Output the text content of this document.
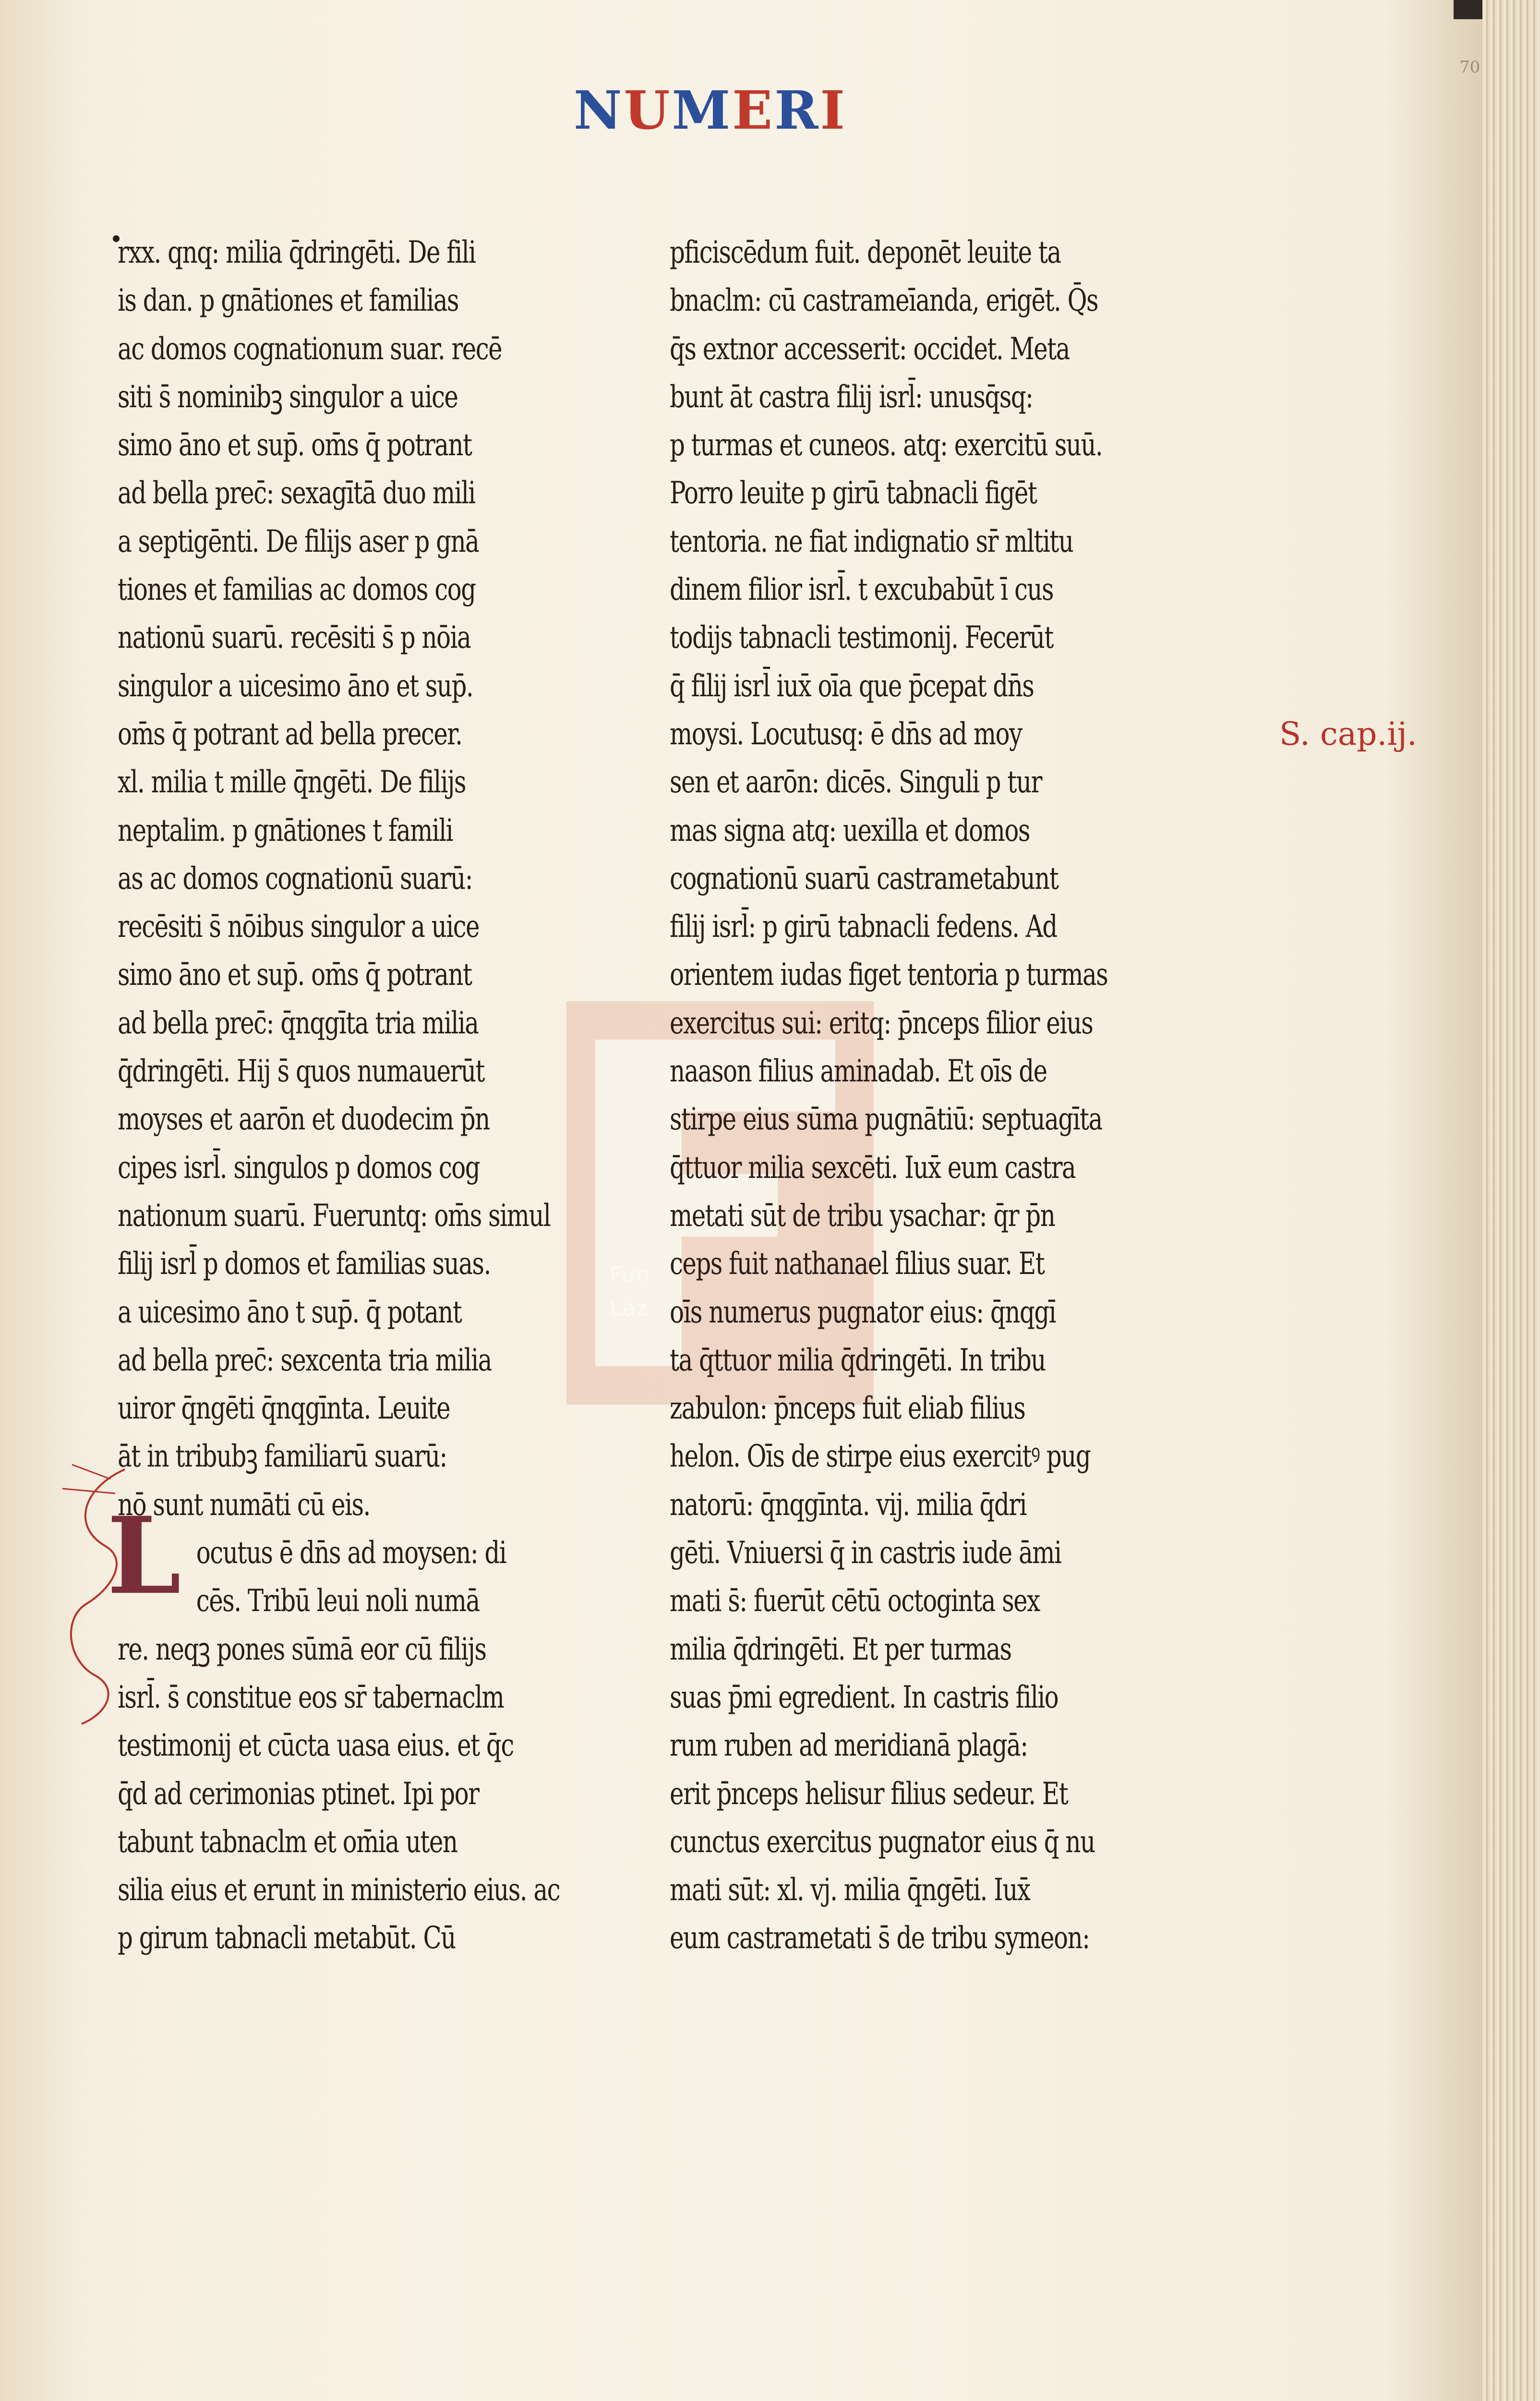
70
NUMERI
Fun
Láz
rxx. qnq: milia q̄dringēti. De fili
is dan. p gnātiones et familias
ac domos cognationum suar. recē
siti s̄ nominibꝫ singulor a uice
simo āno et sup̄. om̄s q̄ potrant
ad bella prec̄: sexagītā duo mili
a septigēnti. De filijs aser p gnā
tiones et familias ac domos cog
nationū suarū. recēsiti s̄ p nōia
singulor a uicesimo āno et sup̄.
om̄s q̄ potrant ad bella precer.
xl. milia t mille q̄ngēti. De filijs
neptalim. p gnātiones t famili
as ac domos cognationū suarū:
recēsiti s̄ nōibus singulor a uice
simo āno et sup̄. om̄s q̄ potrant
ad bella prec̄: q̄nqgīta tria milia
q̄dringēti. Hij s̄ quos numauerūt
moyses et aarōn et duodecim p̄n
cipes isrl̄. singulos p domos cog
nationum suarū. Fueruntq: om̄s simul
filij isrl̄ p domos et familias suas.
a uicesimo āno t sup̄. q̄ potant
ad bella prec̄: sexcenta tria milia
uiror q̄ngēti q̄nqgīnta. Leuite
āt in tribubꝫ familiarū suarū:
nō sunt numāti cū eis.
ocutus ē dn̄s ad moysen: di
cēs. Tribū leui noli numā
re. neqꝫ pones sūmā eor cū filijs
isrl̄. s̄ constitue eos sr̄ tabernaclm
testimonij et cūcta uasa eius. et q̄c
q̄d ad cerimonias ptinet. Ipi por
tabunt tabnaclm et om̄ia uten
silia eius et erunt in ministerio eius. ac
p girum tabnacli metabūt. Cū
pficiscēdum fuit. deponēt leuite ta
bnaclm: cū castrameīanda, erigēt. Q̄s
q̄s extnor accesserit: occidet. Meta
bunt āt castra filij isrl̄: unusq̄sq:
p turmas et cuneos. atq: exercitū suū.
Porro leuite p girū tabnacli figēt
tentoria. ne fiat indignatio sr̄ mltitu
dinem filior isrl̄. t excubabūt ī cus
todijs tabnacli testimonij. Fecerūt
q̄ filij isrl̄ iux̄ oīa que p̄cepat dn̄s
moysi. Locutusq: ē dn̄s ad moy
sen et aarōn: dicēs. Singuli p tur
mas signa atq: uexilla et domos
cognationū suarū castrametabunt
filij isrl̄: p girū tabnacli fedens. Ad
orientem iudas figet tentoria p turmas
exercitus sui: eritq: p̄nceps filior eius
naason filius aminadab. Et oīs de
stirpe eius sūma pugnātiū: septuagīta
q̄ttuor milia sexcēti. Iux̄ eum castra
metati sūt de tribu ysachar: q̄r p̄n
ceps fuit nathanael filius suar. Et
oīs numerus pugnator eius: q̄nqgī
ta q̄ttuor milia q̄dringēti. In tribu
zabulon: p̄nceps fuit eliab filius
helon. Oīs de stirpe eius exercitꝰ pug
natorū: q̄nqgīnta. vij. milia q̄dri
gēti. Vniuersi q̄ in castris iude āmi
mati s̄: fuerūt cētū octoginta sex
milia q̄dringēti. Et per turmas
suas p̄mi egredient. In castris filio
rum ruben ad meridianā plagā:
erit p̄nceps helisur filius sedeur. Et
cunctus exercitus pugnator eius q̄ nu
mati sūt: xl. vj. milia q̄ngēti. Iux̄
eum castrametati s̄ de tribu symeon:
L
S. cap.ij.
